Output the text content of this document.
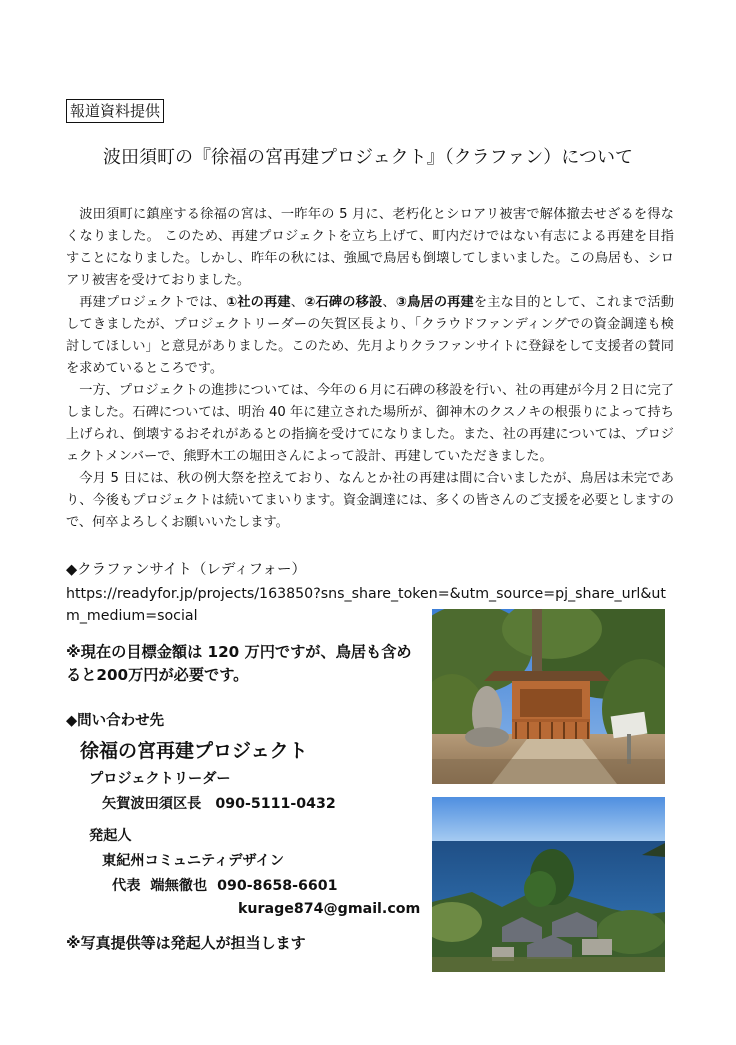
報道資料提供
波田須町の『徐福の宮再建プロジェクト』（クラファン）について

波田須町に鎮座する徐福の宮は、一昨年の 5 月に、老朽化とシロアリ被害で解体撤去せざるを得なくなりました。 このため、再建プロジェクトを立ち上げて、町内だけではない有志による再建を目指すことになりました。しかし、昨年の秋には、強風で鳥居も倒壊してしまいました。この鳥居も、シロアリ被害を受けておりました。

再建プロジェクトでは、①社の再建、②石碑の移設、③鳥居の再建を主な目的として、これまで活動してきましたが、プロジェクトリーダーの矢賀区長より、「クラウドファンディングでの資金調達も検討してほしい」と意見がありました。このため、先月よりクラファンサイトに登録をして支援者の賛同を求めているところです。

一方、プロジェクトの進捗については、今年の６月に石碑の移設を行い、社の再建が今月２日に完了しました。石碑については、明治 40 年に建立された場所が、御神木のクスノキの根張りによって持ち上げられ、倒壊するおそれがあるとの指摘を受けてになりました。また、社の再建については、プロジェクトメンバーで、熊野木工の堀田さんによって設計、再建していただきました。

今月 5 日には、秋の例大祭を控えており、なんとか社の再建は間に合いましたが、鳥居は未完であり、今後もプロジェクトは続いてまいります。資金調達には、多くの皆さんのご支援を必要としますので、何卒よろしくお願いいたします。

◆クラファンサイト（レディフォー）
https://readyfor.jp/projects/163850?sns_share_token=&utm_source=pj_share_url&utm_medium=social
※現在の目標金額は 120 万円ですが、鳥居も含めると200万円が必要です。
◆問い合わせ先
徐福の宮再建プロジェクト
プロジェクトリーダー
矢賀波田須区長 090-5111-0432
発起人
東紀州コミュニティデザイン
代表 端無徹也 090-8658-6601
kurage874@gmail.com
※写真提供等は発起人が担当します
